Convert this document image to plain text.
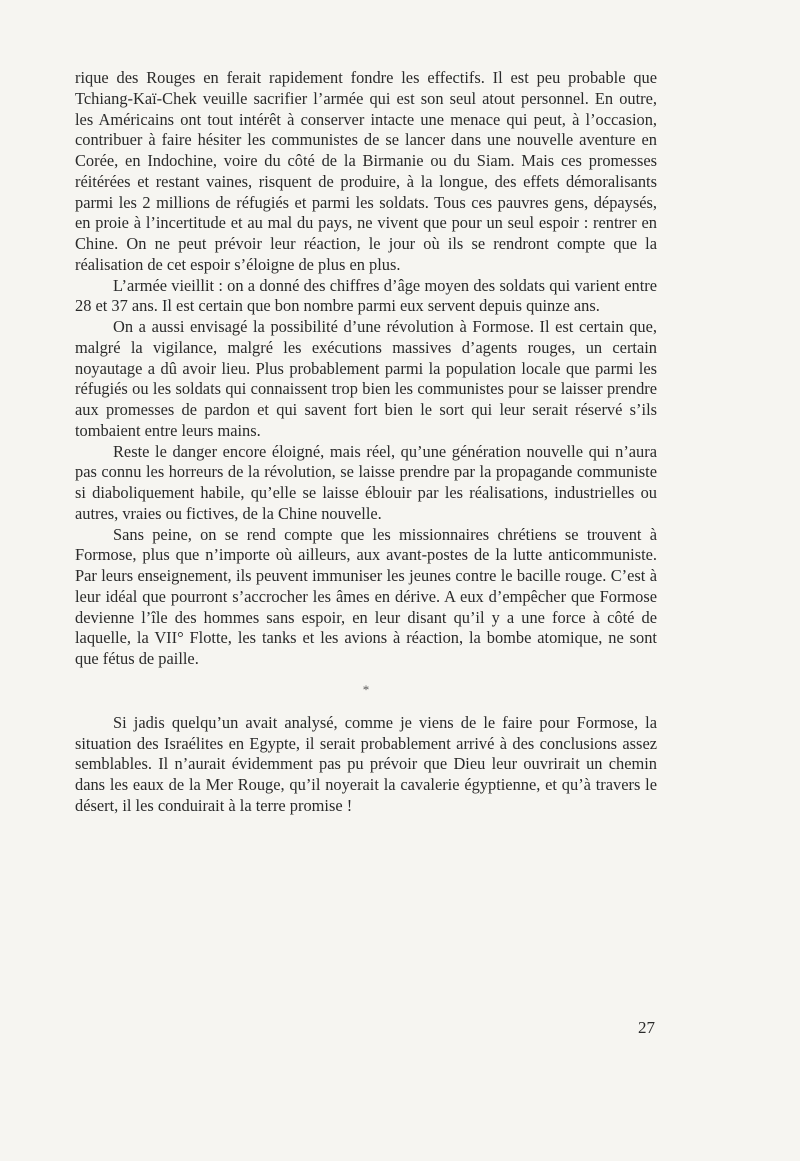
rique des Rouges en ferait rapidement fondre les effectifs. Il est peu probable que Tchiang-Kaï-Chek veuille sacrifier l’armée qui est son seul atout personnel. En outre, les Américains ont tout intérêt à conserver intacte une menace qui peut, à l’occasion, contribuer à faire hésiter les communistes de se lancer dans une nouvelle aventure en Corée, en Indochine, voire du côté de la Birmanie ou du Siam. Mais ces promesses réitérées et restant vaines, risquent de produire, à la longue, des effets démoralisants parmi les 2 millions de réfugiés et parmi les soldats. Tous ces pauvres gens, dépaysés, en proie à l’incertitude et au mal du pays, ne vivent que pour un seul espoir : rentrer en Chine. On ne peut prévoir leur réaction, le jour où ils se rendront compte que la réalisation de cet espoir s’éloigne de plus en plus.

L’armée vieillit : on a donné des chiffres d’âge moyen des soldats qui varient entre 28 et 37 ans. Il est certain que bon nombre parmi eux servent depuis quinze ans.

On a aussi envisagé la possibilité d’une révolution à Formose. Il est certain que, malgré la vigilance, malgré les exécutions massives d’agents rouges, un certain noyautage a dû avoir lieu. Plus probablement parmi la population locale que parmi les réfugiés ou les soldats qui connaissent trop bien les communistes pour se laisser prendre aux promesses de pardon et qui savent fort bien le sort qui leur serait réservé s’ils tombaient entre leurs mains.

Reste le danger encore éloigné, mais réel, qu’une génération nouvelle qui n’aura pas connu les horreurs de la révolution, se laisse prendre par la propagande communiste si diaboliquement habile, qu’elle se laisse éblouir par les réalisations, industrielles ou autres, vraies ou fictives, de la Chine nouvelle.

Sans peine, on se rend compte que les missionnaires chrétiens se trouvent à Formose, plus que n’importe où ailleurs, aux avant-postes de la lutte anticommuniste. Par leurs enseignement, ils peuvent immuniser les jeunes contre le bacille rouge. C’est à leur idéal que pourront s’accrocher les âmes en dérive. A eux d’empêcher que Formose devienne l’île des hommes sans espoir, en leur disant qu’il y a une force à côté de laquelle, la VII° Flotte, les tanks et les avions à réaction, la bombe atomique, ne sont que fétus de paille.

*

Si jadis quelqu’un avait analysé, comme je viens de le faire pour Formose, la situation des Israélites en Egypte, il serait probablement arrivé à des conclusions assez semblables. Il n’aurait évidemment pas pu prévoir que Dieu leur ouvrirait un chemin dans les eaux de la Mer Rouge, qu’il noyerait la cavalerie égyptienne, et qu’à travers le désert, il les conduirait à la terre promise !

27
